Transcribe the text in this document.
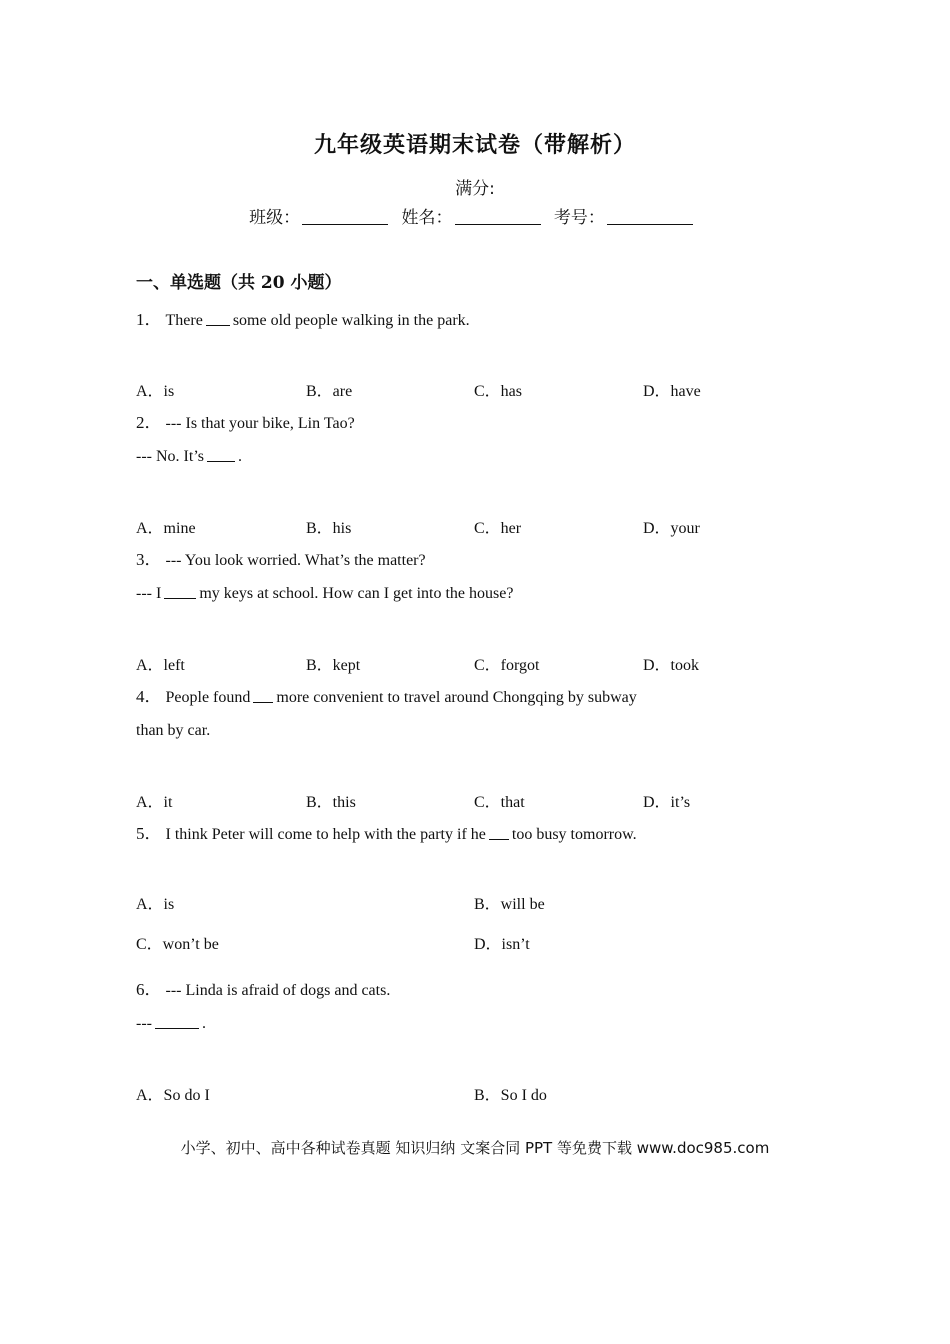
九年级英语期末试卷（带解析）
满分:
班级：	姓名：	考号：
一、单选题（共 20 小题）
1． There some old people walking in the park.
A．is	B．are	C．has	D．have
2． --- Is that your bike, Lin Tao?
--- No. It’s .
A．mine	B．his	C．her	D．your
3． --- You look worried. What’s the matter?
--- I my keys at school. How can I get into the house?
A．left	B．kept	C．forgot	D．took
4． People found more convenient to travel around Chongqing by subway
than by car.
A．it	B．this	C．that	D．it’s
5． I think Peter will come to help with the party if he too busy tomorrow.
A．is	B．will be
C．won’t be	D．isn’t
6． --- Linda is afraid of dogs and cats.
---	.
A．So do I	B．So I do
小学、初中、高中各种试卷真题 知识归纳 文案合同 PPT 等免费下载 www.doc985.com
